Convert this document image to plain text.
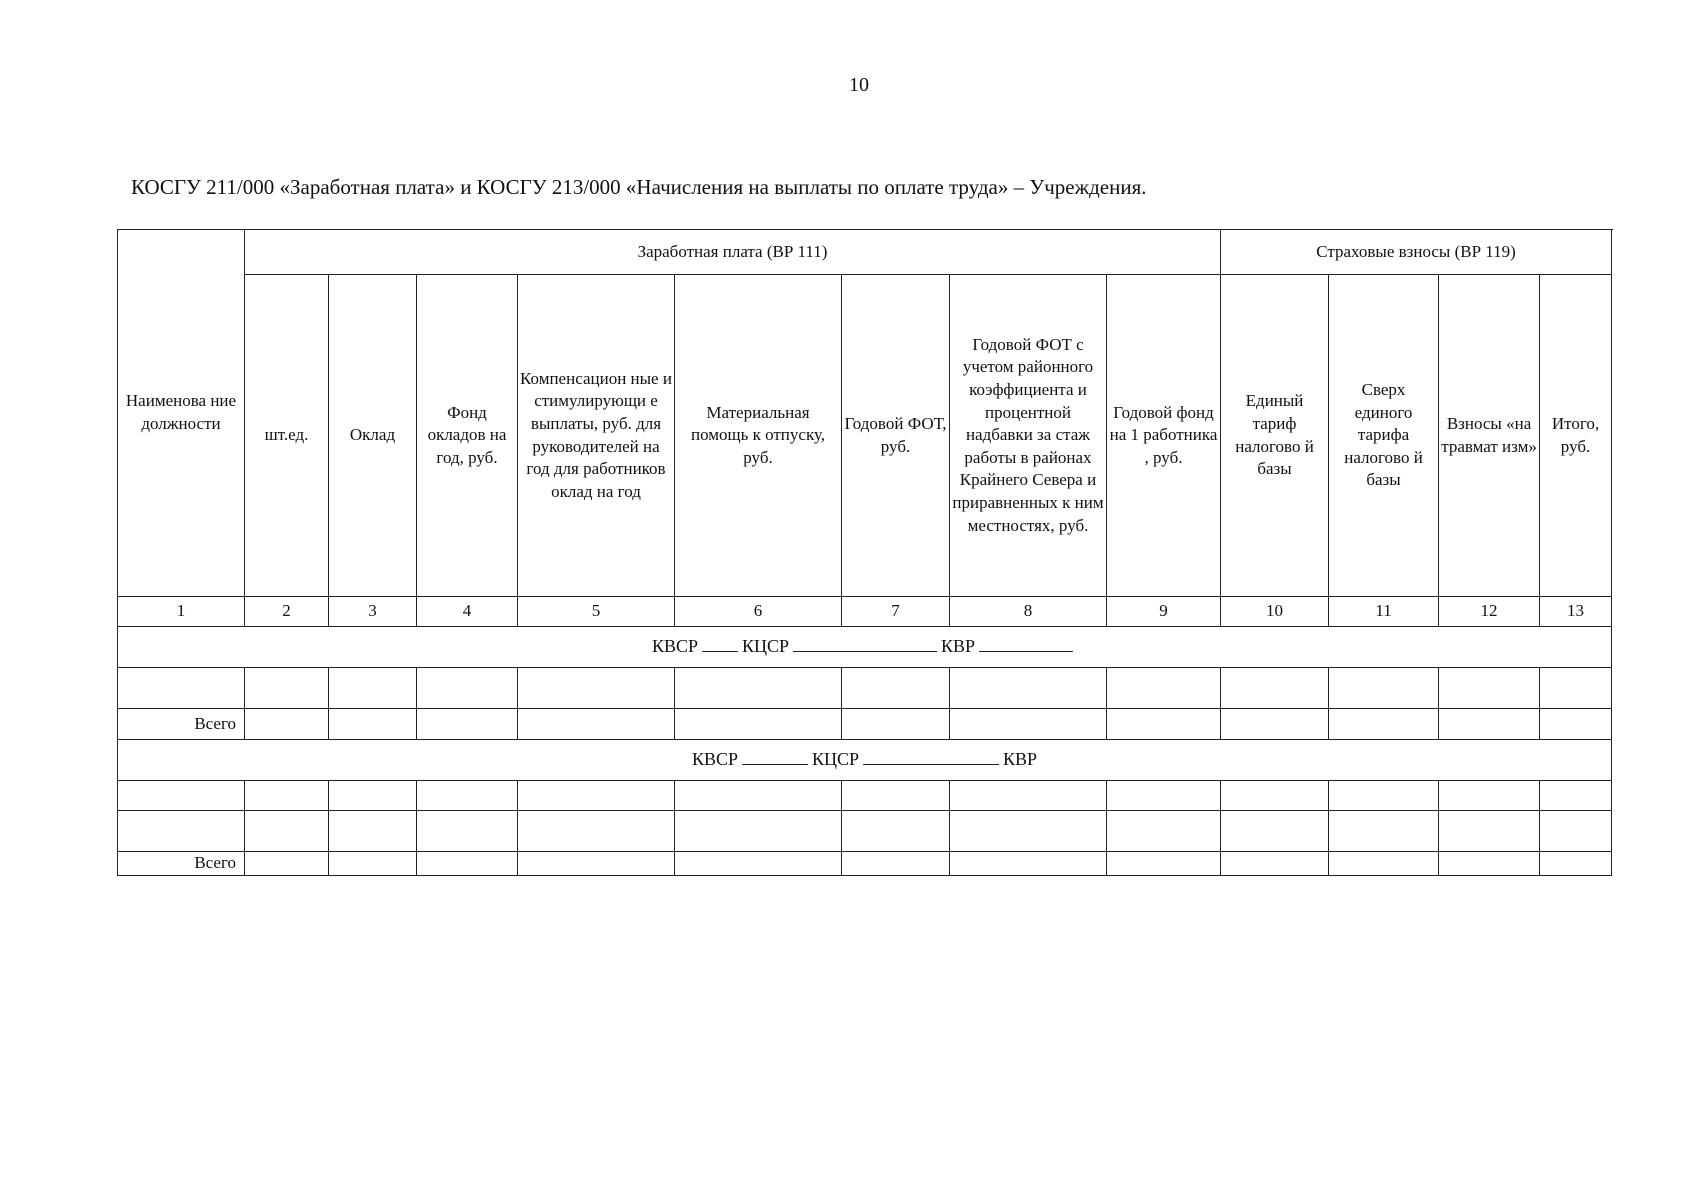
10
КОСГУ 211/000 «Заработная плата» и КОСГУ 213/000 «Начисления на выплаты по оплате труда» – Учреждения.
Наименова ние должности	Заработная плата (ВР 111)								Страховые взносы (ВР 119)			
	шт.ед.	Оклад	Фонд окладов на год, руб.	Компенсацион ные и стимулирующи е выплаты, руб. для руководителей на год для работников оклад на год	Материальная помощь к отпуску, руб.	Годовой ФОТ, руб.	Годовой ФОТ с учетом районного коэффициента и процентной надбавки за стаж работы в районах Крайнего Севера и приравненных к ним местностях, руб.	Годовой фонд на 1 работника , руб.	Единый тариф налогово й базы	Сверх единого тарифа налогово й базы	Взносы «на травмат изм»	Итого, руб.
1	2	3	4	5	6	7	8	9	10	11	12	13
КВСР КЦСР КВР												

Всего												
КВСР КЦСР КВР												

Всего												
